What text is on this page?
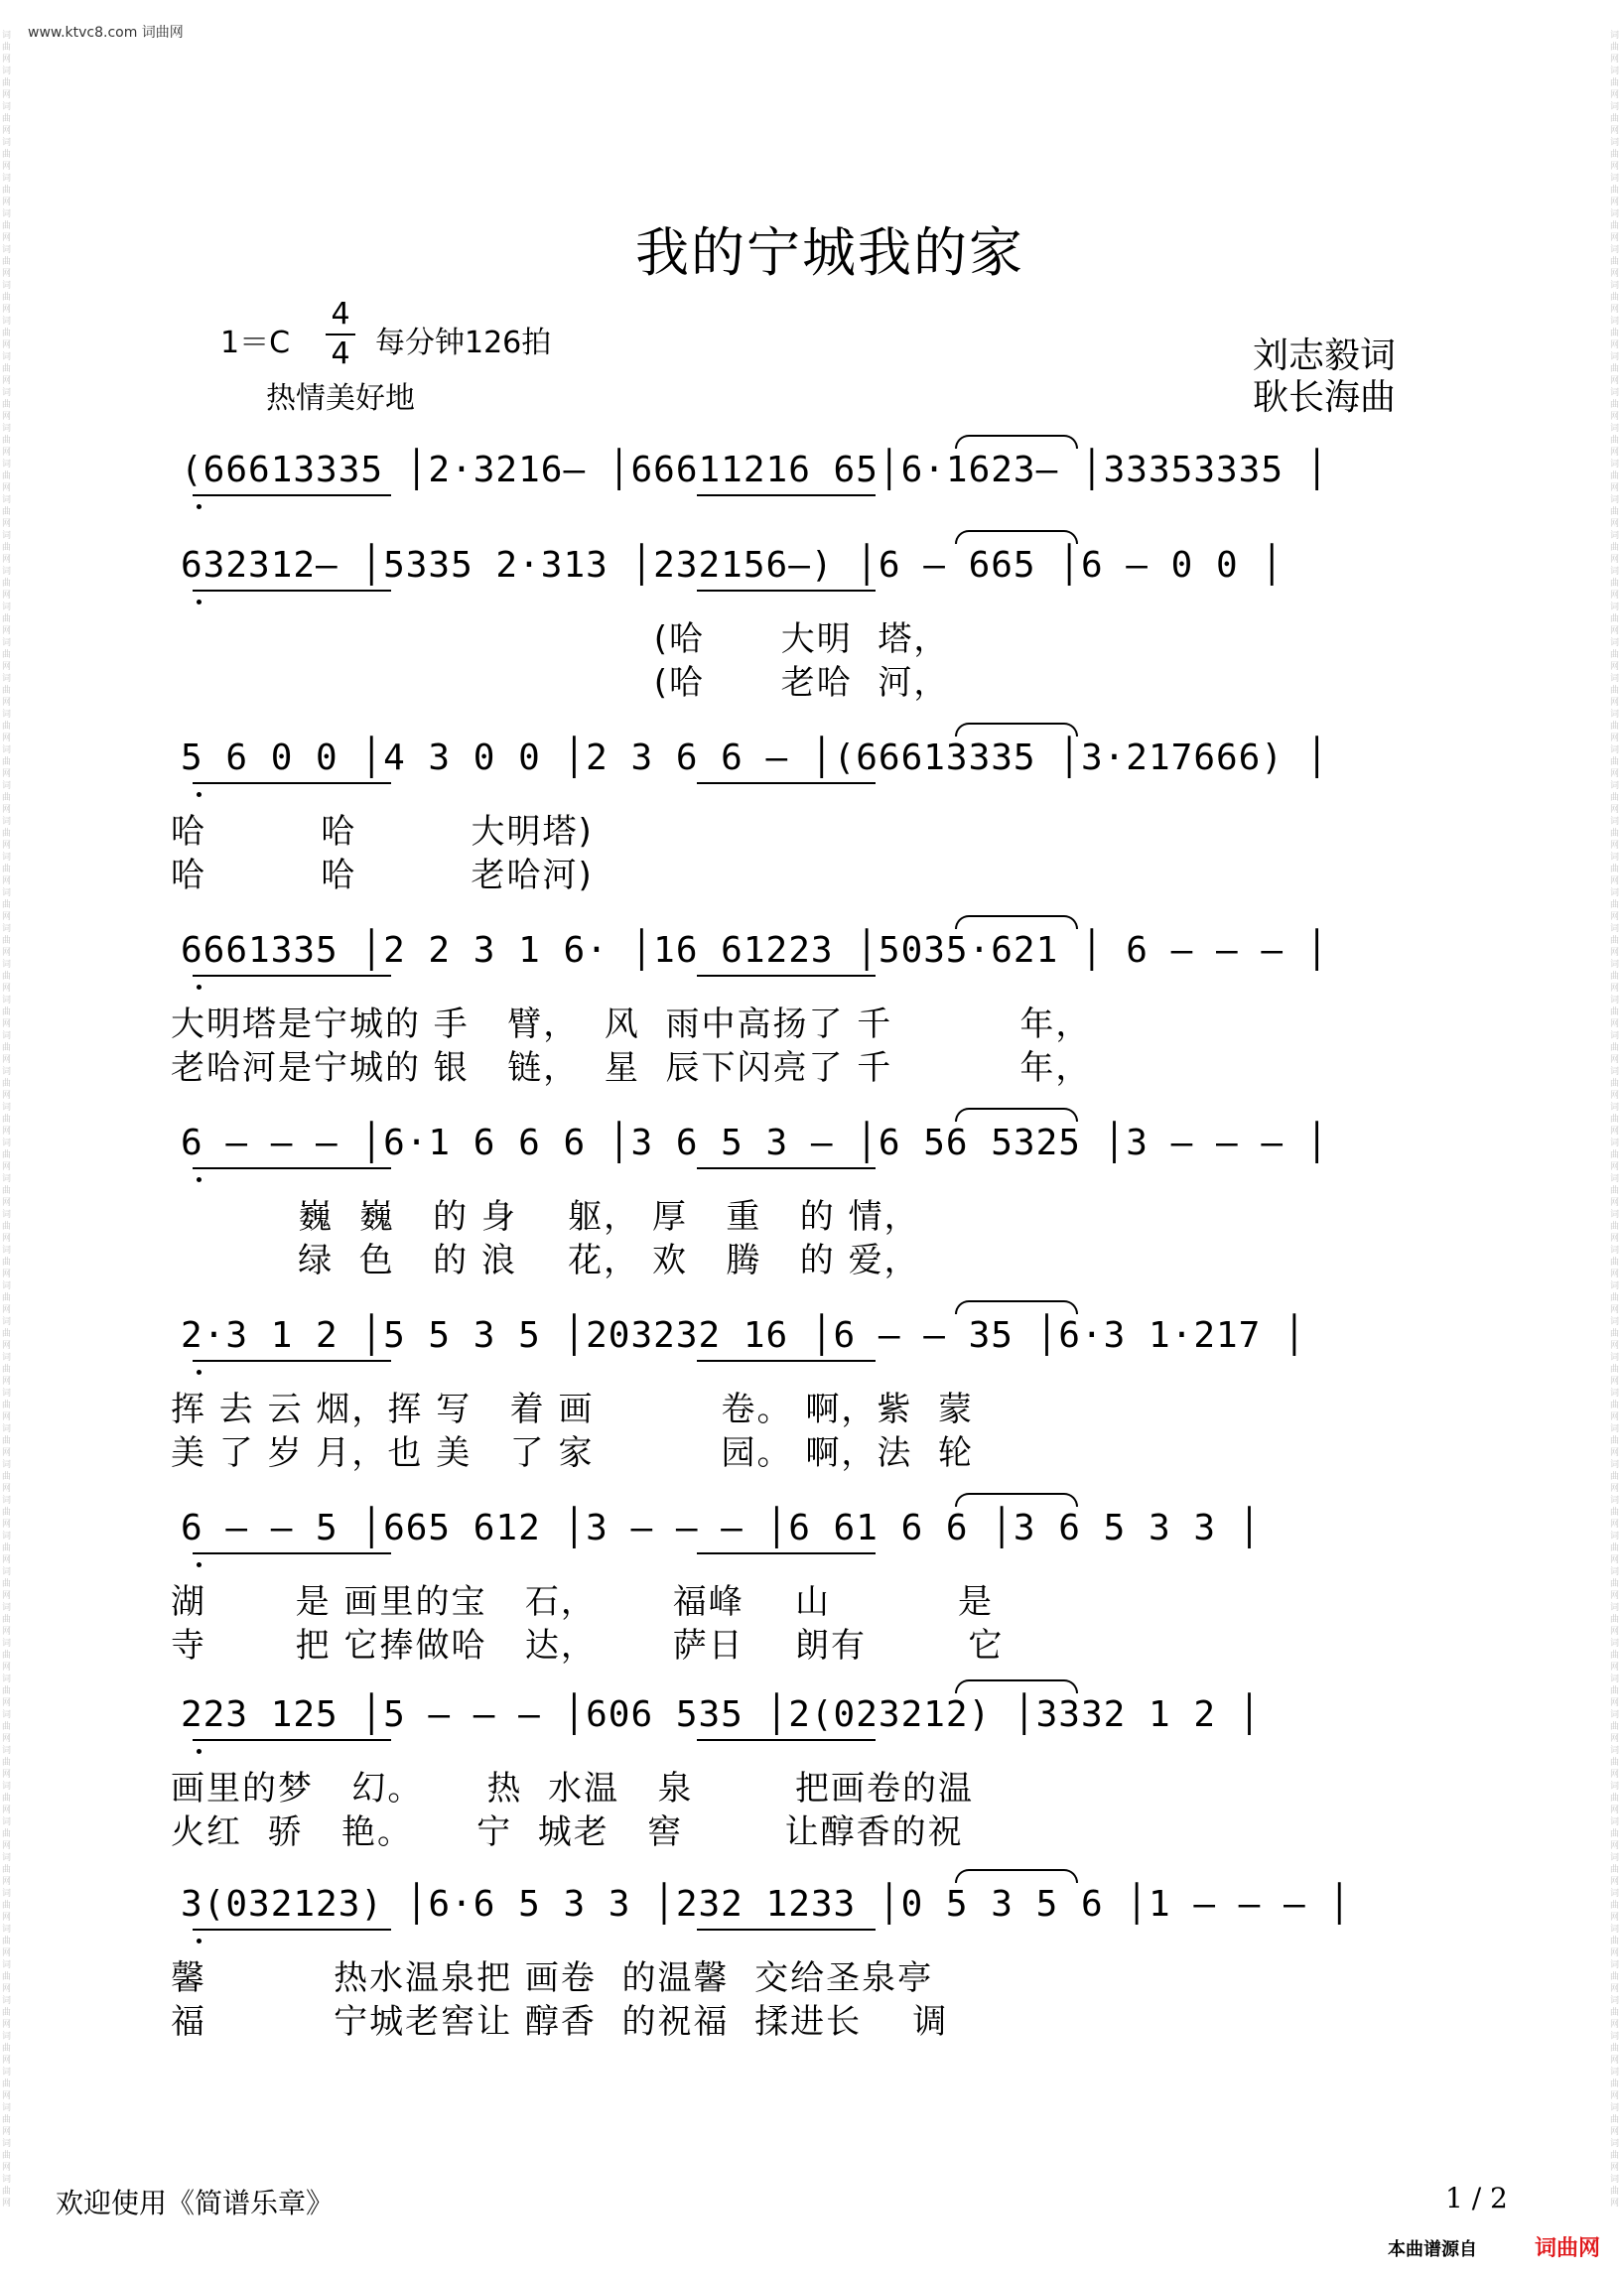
词曲网词曲网词曲网词曲网词曲网词曲网词曲网词曲网词曲网词曲网词曲网词曲网词曲网词曲网词曲网词曲网词曲网词曲网词曲网词曲网词曲网词曲网词曲网词曲网词曲网词曲网词曲网词曲网词曲网词曲网词曲网词曲网词曲网词曲网词曲网词曲网词曲网词曲网词曲网词曲网词曲网词曲网词曲网词曲网词曲网词曲网词曲网词曲网词曲网词曲网词曲网词曲网词曲网词曲网词曲网词曲网词曲网词曲网词曲网词曲网词曲网
词曲网词曲网词曲网词曲网词曲网词曲网词曲网词曲网词曲网词曲网词曲网词曲网词曲网词曲网词曲网词曲网词曲网词曲网词曲网词曲网词曲网词曲网词曲网词曲网词曲网词曲网词曲网词曲网词曲网词曲网词曲网词曲网词曲网词曲网词曲网词曲网词曲网词曲网词曲网词曲网词曲网词曲网词曲网词曲网词曲网词曲网词曲网词曲网词曲网词曲网词曲网词曲网词曲网词曲网词曲网词曲网词曲网词曲网词曲网词曲网词曲网
www.ktvc8.com 词曲网
我的宁城我的家
1＝C
4
4 每分钟126拍
热情美好地
刘志毅词
耿长海曲
(66613335 │2·3216— │66611216 65│6·1623— │33353335 │
632312— │5335 2·313 │232156—) │6 — 665 │6 — 0 0 │
(哈      大明  塔，
(哈      老哈  河，
5 6 0 0 │4 3 0 0 │2 3 6 6 — │(66613335 │3·217666) │
哈         哈         大明塔)
哈         哈         老哈河)
6661335 │2 2 3 1 6· │16 61223 │5035·621 │ 6 — — — │
大明塔是宁城的 手   臂，  风  雨中高扬了 千          年，
老哈河是宁城的 银   链，  星  辰下闪亮了 千          年，
6 — — — │6·1 6 6 6 │3 6 5 3 — │6 56 5325 │3 — — — │
巍  巍   的 身    躯， 厚   重   的 情，
绿  色   的 浪    花， 欢   腾   的 爱，
2·3 1 2 │5 5 3 5 │203232 16 │6 — — 35 │6·3 1·217 │
挥 去 云 烟，挥 写   着 画          卷。 啊，紫  蒙
美 了 岁 月，也 美   了 家          园。 啊，法  轮
6 — — 5 │665 612 │3 — — — │6 61 6 6 │3 6 5 3 3 │
湖       是 画里的宝   石，      福峰    山          是
寺       把 它捧做哈   达，      萨日    朗有        它
223 125 │5 — — — │606 535 │2(023212) │3332 1 2 │
画里的梦   幻。     热  水温   泉        把画卷的温
火红  骄   艳。     宁  城老   窖        让醇香的祝
3(032123) │6·6 5 3 3 │232 1233 │0 5 3 5 6 │1 — — — │
馨          热水温泉把 画卷  的温馨  交给圣泉亭
福          宁城老窖让 醇香  的祝福  揉进长    调
欢迎使用《简谱乐章》	1 / 2
本曲谱源自	词曲网
